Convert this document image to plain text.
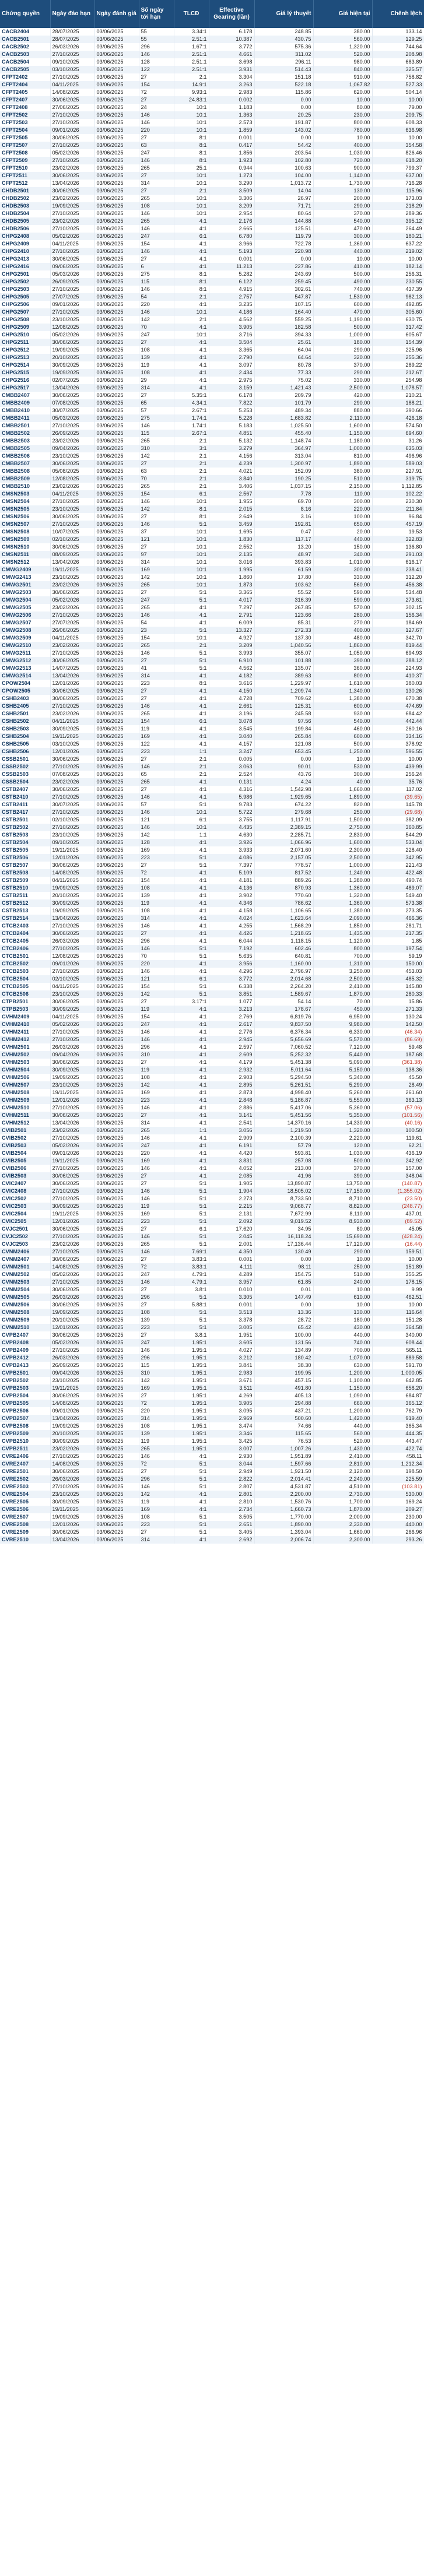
Chứng quyền	Ngày đáo hạn	Ngày đánh giá	Số ngày tới hạn	TLCĐ	Effective Gearing (lần)	Giá lý thuyết	Giá hiện tại	Chênh lệch
CACB2404	28/07/2025	03/06/2025	55	3.34:1	6.178	248.85	380.00	133.14
CACB2501	28/07/2025	03/06/2025	55	2.51:1	10.387	430.75	560.00	129.25
CACB2502	26/03/2026	03/06/2025	296	1.67:1	3.772	575.36	1,320.00	744.64
CACB2503	27/10/2025	03/06/2025	146	2.51:1	4.661	311.02	520.00	208.98
CACB2504	09/10/2025	03/06/2025	128	2.51:1	3.698	296.11	980.00	683.89
CACB2505	03/10/2025	03/06/2025	122	2.51:1	3.931	514.43	840.00	325.57
CFPT2402	27/10/2025	03/06/2025	27	2:1	3.304	151.18	910.00	758.82
CFPT2404	04/11/2025	03/06/2025	154	14.9:1	3.263	522.18	1,067.82	527.33
CFPT2405	14/08/2025	03/06/2025	72	9.93:1	2.983	115.86	620.00	504.14
CFPT2407	30/06/2025	03/06/2025	27	24.83:1	0.002	0.00	10.00	10.00
CFPT2408	27/06/2025	03/06/2025	24	10:1	1.183	0.00	80.00	79.00
CFPT2502	27/10/2025	03/06/2025	146	10:1	1.363	20.25	230.00	209.75
CFPT2503	27/10/2025	03/06/2025	146	10:1	2.573	191.87	800.00	608.33
CFPT2504	09/01/2026	03/06/2025	220	10:1	1.859	143.02	780.00	636.98
CFPT2505	30/06/2025	03/06/2025	27	8:1	0.001	0.00	10.00	10.00
CFPT2507	27/10/2025	03/06/2025	63	8:1	0.417	54.42	400.00	354.58
CFPT2508	05/02/2026	03/06/2025	247	8:1	1.856	203.54	1,030.00	826.46
CFPT2509	27/10/2025	03/06/2025	146	8:1	1.923	102.80	720.00	618.20
CFPT2510	23/02/2026	03/06/2025	265	25:1	0.944	100.63	900.00	799.37
CFPT2511	30/06/2025	03/06/2025	27	10:1	1.273	104.00	1,140.00	637.00
CFPT2512	13/04/2026	03/06/2025	314	10:1	3.290	1,013.72	1,730.00	716.28
CHDB2501	30/06/2025	03/06/2025	27	2:1	3.509	14.04	130.00	115.96
CHDB2502	23/02/2026	03/06/2025	265	10:1	3.306	26.97	200.00	173.03
CHDB2503	19/09/2025	03/06/2025	108	10:1	3.209	71.71	290.00	218.29
CHDB2504	27/10/2025	03/06/2025	146	10:1	2.954	80.64	370.00	289.36
CHDB2505	23/02/2026	03/06/2025	265	4:1	2.176	144.88	540.00	395.12
CHDB2506	27/10/2025	03/06/2025	146	4:1	2.665	125.51	470.00	264.49
CHPG2408	05/02/2026	03/06/2025	247	6:1	6.780	119.79	300.00	180.21
CHPG2409	04/11/2025	03/06/2025	154	4:1	3.966	722.78	1,360.00	637.22
CHPG2410	27/10/2025	03/06/2025	146	4:1	5.193	220.98	440.00	219.02
CHPG2413	30/06/2025	03/06/2025	27	4:1	0.001	0.00	10.00	10.00
CHPG2416	09/06/2025	03/06/2025	6	4:1	11.213	227.86	410.00	182.14
CHPG2501	05/03/2026	03/06/2025	275	8:1	5.282	243.69	500.00	256.31
CHPG2502	26/09/2025	03/06/2025	115	8:1	6.122	259.45	490.00	230.55
CHPG2503	27/10/2025	03/06/2025	146	8:1	4.915	302.61	740.00	437.39
CHPG2505	27/07/2025	03/06/2025	54	2:1	2.757	547.87	1,530.00	982.13
CHPG2506	09/01/2026	03/06/2025	220	4:1	3.235	107.15	600.00	492.85
CHPG2507	27/10/2025	03/06/2025	146	10:1	4.186	164.40	470.00	305.60
CHPG2508	23/10/2025	03/06/2025	142	2:1	4.562	559.25	1,190.00	630.75
CHPG2509	12/08/2025	03/06/2025	70	4:1	3.905	182.58	500.00	317.42
CHPG2510	05/02/2026	03/06/2025	247	10:1	3.716	394.33	1,000.00	605.67
CHPG2511	30/06/2025	03/06/2025	27	4:1	3.504	25.61	180.00	154.39
CHPG2512	19/09/2025	03/06/2025	108	4:1	3.365	64.04	290.00	225.96
CHPG2513	20/10/2025	03/06/2025	139	4:1	2.790	64.64	320.00	255.36
CHPG2514	30/09/2025	03/06/2025	119	4:1	3.097	80.78	370.00	289.22
CHPG2515	19/09/2025	03/06/2025	108	4:1	2.434	77.33	290.00	212.67
CHPG2516	02/07/2025	03/06/2025	29	4:1	2.975	75.02	330.00	254.98
CHPG2517	13/04/2026	03/06/2025	314	4:1	3.159	1,421.43	2,500.00	1,078.57
CMBB2407	30/06/2025	03/06/2025	27	5.35:1	6.178	209.79	420.00	210.21
CMBB2409	07/08/2025	03/06/2025	65	4.34:1	7.822	101.79	290.00	188.21
CMBB2410	30/07/2025	03/06/2025	57	2.67:1	5.253	489.34	880.00	390.66
CMBB2411	05/03/2026	03/06/2025	275	1.74:1	5.228	1,683.82	2,110.00	426.18
CMBB2501	27/10/2025	03/06/2025	146	1.74:1	5.183	1,025.50	1,600.00	574.50
CMBB2502	26/09/2025	03/06/2025	115	2.67:1	4.851	455.40	1,150.00	694.60
CMBB2503	23/02/2026	03/06/2025	265	2:1	5.132	1,148.74	1,180.00	31.26
CMBB2505	09/04/2026	03/06/2025	310	3:1	3.279	364.97	1,000.00	635.03
CMBB2506	23/10/2025	03/06/2025	142	2:1	4.156	313.04	810.00	496.96
CMBB2507	30/06/2025	03/06/2025	27	2:1	4.239	1,300.97	1,890.00	589.03
CMBB2508	05/08/2025	03/06/2025	63	2:1	4.021	152.09	380.00	227.91
CMBB2509	12/08/2025	03/06/2025	70	2:1	3.840	190.25	510.00	319.75
CMBB2510	23/02/2026	03/06/2025	265	2:1	3.406	1,037.15	2,150.00	1,112.85
CMSN2503	04/11/2025	03/06/2025	154	6:1	2.567	7.78	110.00	102.22
CMSN2504	27/10/2025	03/06/2025	146	10:1	1.955	69.70	300.00	230.30
CMSN2505	23/10/2025	03/06/2025	142	8:1	2.015	8.16	220.00	211.84
CMSN2506	30/06/2025	03/06/2025	27	8:1	2.649	3.16	100.00	96.84
CMSN2507	27/10/2025	03/06/2025	146	5:1	3.459	192.81	650.00	457.19
CMSN2508	10/07/2025	03/06/2025	37	10:1	1.695	0.47	20.00	19.53
CMSN2509	02/10/2025	03/06/2025	121	10:1	1.830	117.17	440.00	322.83
CMSN2510	30/06/2025	03/06/2025	27	10:1	2.552	13.20	150.00	136.80
CMSN2511	08/09/2025	03/06/2025	97	10:1	2.135	48.97	340.00	291.03
CMSN2512	13/04/2026	03/06/2025	314	10:1	3.016	393.83	1,010.00	616.17
CMWG2409	19/11/2025	03/06/2025	169	10:1	1.995	61.59	300.00	238.41
CMWG2413	23/10/2025	03/06/2025	142	10:1	1.860	17.80	330.00	312.20
CMWG2501	23/02/2026	03/06/2025	265	10:1	1.873	103.62	560.00	456.38
CMWG2503	30/06/2025	03/06/2025	27	5:1	3.365	55.52	590.00	534.48
CMWG2504	05/02/2026	03/06/2025	247	5:1	4.017	316.39	590.00	273.61
CMWG2505	23/02/2026	03/06/2025	265	4:1	7.297	267.85	570.00	302.15
CMWG2506	27/10/2025	03/06/2025	146	4:1	2.791	123.66	280.00	156.34
CMWG2507	27/07/2025	03/06/2025	54	4:1	6.009	85.31	270.00	184.69
CMWG2508	26/06/2025	03/06/2025	23	5:1	13.327	272.33	400.00	127.67
CMWG2509	04/11/2025	03/06/2025	154	10:1	4.927	137.30	480.00	342.70
CMWG2510	23/02/2026	03/06/2025	265	2:1	3.209	1,040.56	1,860.00	819.44
CMWG2511	27/10/2025	03/06/2025	146	5:1	3.993	355.07	1,050.00	694.93
CMWG2512	30/06/2025	03/06/2025	27	5:1	6.910	101.88	390.00	288.12
CMWG2513	14/07/2025	03/06/2025	41	5:1	4.562	135.07	360.00	224.93
CMWG2514	13/04/2026	03/06/2025	314	4:1	4.182	389.63	800.00	410.37
CPOW2504	12/01/2026	03/06/2025	223	8:1	3.616	1,229.97	1,610.00	380.03
CPOW2505	30/06/2025	03/06/2025	27	4:1	4.150	1,209.74	1,340.00	130.26
CSHB2403	30/06/2025	03/06/2025	27	4:1	4.728	709.62	1,380.00	670.38
CSHB2405	27/10/2025	03/06/2025	146	4:1	2.661	125.31	600.00	474.69
CSHB2501	23/02/2026	03/06/2025	265	4:1	3.196	245.58	930.00	684.42
CSHB2502	04/11/2025	03/06/2025	154	6:1	3.078	97.56	540.00	442.44
CSHB2503	30/09/2025	03/06/2025	119	4:1	3.545	199.84	460.00	260.16
CSHB2504	19/11/2025	03/06/2025	169	4:1	3.040	265.84	600.00	334.16
CSHB2505	03/10/2025	03/06/2025	122	4:1	4.157	121.08	500.00	378.92
CSHB2506	12/01/2026	03/06/2025	223	1:1	3.247	653.45	1,250.00	596.55
CSSB2501	30/06/2025	03/06/2025	27	2:1	0.005	0.00	10.00	10.00
CSSB2502	27/10/2025	03/06/2025	146	2:1	3.063	90.01	530.00	439.99
CSSB2503	07/08/2025	03/06/2025	65	2:1	2.524	43.76	300.00	256.24
CSSB2504	23/02/2026	03/06/2025	265	4:1	0.131	4.24	40.00	35.76
CSTB2407	30/06/2025	03/06/2025	27	4:1	4.316	1,542.98	1,660.00	117.02
CSTB2410	27/10/2025	03/06/2025	146	4:1	5.986	1,929.65	1,890.00	(39.65)
CSTB2411	30/07/2025	03/06/2025	57	5:1	9.783	674.22	820.00	145.78
CSTB2417	27/10/2025	03/06/2025	146	10:1	5.722	279.68	250.00	(29.68)
CSTB2501	02/10/2025	03/06/2025	121	6:1	3.755	1,117.91	1,500.00	382.09
CSTB2502	27/10/2025	03/06/2025	146	10:1	4.435	2,389.15	2,750.00	360.85
CSTB2503	23/10/2025	03/06/2025	142	1:1	4.630	2,285.71	2,830.00	544.29
CSTB2504	09/10/2025	03/06/2025	128	4:1	3.926	1,066.96	1,600.00	533.04
CSTB2505	19/11/2025	03/06/2025	169	4:1	3.933	2,071.60	2,300.00	228.40
CSTB2506	12/01/2026	03/06/2025	223	5:1	4.086	2,157.05	2,500.00	342.95
CSTB2507	30/06/2025	03/06/2025	27	5:1	7.397	778.57	1,000.00	221.43
CSTB2508	14/08/2025	03/06/2025	72	4:1	5.109	817.52	1,240.00	422.48
CSTB2509	04/11/2025	03/06/2025	154	4:1	4.181	889.26	1,380.00	490.74
CSTB2510	19/09/2025	03/06/2025	108	4:1	4.136	870.93	1,360.00	489.07
CSTB2511	20/10/2025	03/06/2025	139	4:1	3.902	770.60	1,320.00	549.40
CSTB2512	30/09/2025	03/06/2025	119	4:1	4.346	786.62	1,360.00	573.38
CSTB2513	19/09/2025	03/06/2025	108	4:1	4.158	1,106.65	1,380.00	273.35
CSTB2514	13/04/2026	03/06/2025	314	4:1	4.024	1,623.64	2,090.00	466.36
CTCB2403	27/10/2025	03/06/2025	146	4:1	4.255	1,568.29	1,850.00	281.71
CTCB2404	30/06/2025	03/06/2025	27	4:1	4.426	1,218.65	1,435.00	217.35
CTCB2405	26/03/2026	03/06/2025	296	4:1	6.044	1,118.15	1,120.00	1.85
CTCB2406	27/10/2025	03/06/2025	146	5:1	7.192	602.46	800.00	197.54
CTCB2501	12/08/2025	03/06/2025	70	5:1	5.635	640.81	700.00	59.19
CTCB2502	09/01/2026	03/06/2025	220	4:1	3.956	1,160.00	1,310.00	150.00
CTCB2503	27/10/2025	03/06/2025	146	4:1	4.296	2,796.97	3,250.00	453.03
CTCB2504	02/10/2025	03/06/2025	121	6:1	3.772	2,014.68	2,500.00	485.32
CTCB2505	04/11/2025	03/06/2025	154	5:1	6.338	2,264.20	2,410.00	145.80
CTCB2506	23/10/2025	03/06/2025	142	5:1	3.851	1,589.67	1,870.00	280.33
CTPB2501	30/06/2025	03/06/2025	27	3.17:1	1.077	54.14	70.00	15.86
CTPB2503	30/09/2025	03/06/2025	119	4:1	3.213	178.67	450.00	271.33
CVHM2409	04/11/2025	03/06/2025	154	4:1	2.769	6,819.76	6,950.00	130.24
CVHM2410	05/02/2026	03/06/2025	247	4:1	2.617	9,837.50	9,980.00	142.50
CVHM2411	27/10/2025	03/06/2025	146	4:1	2.776	6,376.34	6,330.00	(46.34)
CVHM2412	27/10/2025	03/06/2025	146	4:1	2.945	5,656.69	5,570.00	(86.69)
CVHM2501	26/03/2026	03/06/2025	296	4:1	2.597	7,060.52	7,120.00	59.48
CVHM2502	09/04/2026	03/06/2025	310	4:1	2.609	5,252.32	5,440.00	187.68
CVHM2503	30/06/2025	03/06/2025	27	4:1	4.179	5,451.38	5,090.00	(361.38)
CVHM2504	30/09/2025	03/06/2025	119	4:1	2.932	5,011.64	5,150.00	138.36
CVHM2506	19/09/2025	03/06/2025	108	4:1	2.903	5,294.50	5,340.00	45.50
CVHM2507	23/10/2025	03/06/2025	142	4:1	2.895	5,261.51	5,290.00	28.49
CVHM2508	19/11/2025	03/06/2025	169	4:1	2.873	4,998.40	5,260.00	261.60
CVHM2509	12/01/2026	03/06/2025	223	4:1	2.848	5,186.87	5,550.00	363.13
CVHM2510	27/10/2025	03/06/2025	146	4:1	2.886	5,417.06	5,360.00	(57.06)
CVHM2511	30/06/2025	03/06/2025	27	4:1	3.141	5,451.56	5,350.00	(101.56)
CVHM2512	13/04/2026	03/06/2025	314	4:1	2.541	14,370.16	14,330.00	(40.16)
CVIB2501	23/02/2026	03/06/2025	265	1:1	3.056	1,219.50	1,320.00	100.50
CVIB2502	27/10/2025	03/06/2025	146	4:1	2.909	2,100.39	2,220.00	119.61
CVIB2503	05/02/2026	03/06/2025	247	4:1	6.191	57.79	120.00	62.21
CVIB2504	09/01/2026	03/06/2025	220	4:1	4.420	593.81	1,030.00	436.19
CVIB2505	19/11/2025	03/06/2025	169	4:1	3.831	257.08	500.00	242.92
CVIB2506	27/10/2025	03/06/2025	146	4:1	4.052	213.00	370.00	157.00
CVIB2503	30/06/2025	03/06/2025	27	4:1	2.085	41.96	390.00	348.04
CVIC2407	30/06/2025	03/06/2025	27	5:1	1.905	13,890.87	13,750.00	(140.87)
CVIC2408	27/10/2025	03/06/2025	146	5:1	1.904	18,505.02	17,150.00	(1,355.02)
CVIC2502	27/10/2025	03/06/2025	146	5:1	2.273	8,733.50	8,710.00	(23.50)
CVIC2503	30/09/2025	03/06/2025	119	5:1	2.215	9,068.77	8,820.00	(248.77)
CVIC2504	19/11/2025	03/06/2025	169	5:1	2.131	7,672.99	8,110.00	437.01
CVIC2505	12/01/2026	03/06/2025	223	5:1	2.092	9,019.52	8,930.00	(89.52)
CVJC2501	30/06/2025	03/06/2025	27	6:1	17.620	34.95	80.00	45.05
CVJC2502	27/10/2025	03/06/2025	146	5:1	2.045	16,118.24	15,690.00	(428.24)
CVJC2503	23/02/2026	03/06/2025	265	5:1	2.001	17,136.44	17,120.00	(16.44)
CVNM2406	27/10/2025	03/06/2025	146	7.69:1	4.350	130.49	290.00	159.51
CVNM2407	30/06/2025	03/06/2025	27	3.83:1	0.001	0.00	10.00	10.00
CVNM2501	14/08/2025	03/06/2025	72	3.83:1	4.111	98.11	250.00	151.89
CVNM2502	05/02/2026	03/06/2025	247	4.79:1	4.289	154.75	510.00	355.25
CVNM2503	27/10/2025	03/06/2025	146	4.79:1	3.957	61.85	240.00	178.15
CVNM2504	30/06/2025	03/06/2025	27	3.8:1	0.010	0.01	10.00	9.99
CVNM2505	26/03/2026	03/06/2025	296	5:1	3.305	147.49	610.00	462.51
CVNM2506	30/06/2025	03/06/2025	27	5.88:1	0.001	0.00	10.00	10.00
CVNM2508	19/09/2025	03/06/2025	108	5:1	3.513	13.36	130.00	116.64
CVNM2509	20/10/2025	03/06/2025	139	5:1	3.378	28.72	180.00	151.28
CVNM2510	12/01/2026	03/06/2025	223	5:1	3.005	65.42	430.00	364.58
CVPB2407	30/06/2025	03/06/2025	27	3.8:1	1.951	100.00	440.00	340.00
CVPB2408	05/02/2026	03/06/2025	247	1.95:1	3.605	131.56	740.00	608.44
CVPB2409	27/10/2025	03/06/2025	146	1.95:1	4.027	134.89	700.00	565.11
CVPB2412	26/03/2026	03/06/2025	296	1.95:1	3.212	180.42	1,070.00	889.58
CVPB2413	26/09/2025	03/06/2025	115	1.95:1	3.841	38.30	630.00	591.70
CVPB2501	09/04/2026	03/06/2025	310	1.95:1	2.983	199.95	1,200.00	1,000.05
CVPB2502	23/10/2025	03/06/2025	142	1.95:1	3.671	457.15	1,100.00	642.85
CVPB2503	19/11/2025	03/06/2025	169	1.95:1	3.511	491.80	1,150.00	658.20
CVPB2504	30/06/2025	03/06/2025	27	1.95:1	4.269	405.13	1,090.00	684.87
CVPB2505	14/08/2025	03/06/2025	72	1.95:1	3.905	294.88	660.00	365.12
CVPB2506	09/01/2026	03/06/2025	220	1.95:1	3.095	437.21	1,200.00	762.79
CVPB2507	13/04/2026	03/06/2025	314	1.95:1	2.969	500.60	1,420.00	919.40
CVPB2508	19/09/2025	03/06/2025	108	1.95:1	3.474	74.66	440.00	365.34
CVPB2509	20/10/2025	03/06/2025	139	1.95:1	3.346	115.65	560.00	444.35
CVPB2510	30/09/2025	03/06/2025	119	1.95:1	3.425	76.53	520.00	443.47
CVPB2511	23/02/2026	03/06/2025	265	1.95:1	3.007	1,007.26	1,430.00	422.74
CVRE2406	27/10/2025	03/06/2025	146	4:1	2.930	1,951.89	2,410.00	458.11
CVRE2407	14/08/2025	03/06/2025	72	5:1	3.044	1,597.66	2,810.00	1,212.34
CVRE2501	30/06/2025	03/06/2025	27	5:1	2.949	1,921.50	2,120.00	198.50
CVRE2502	26/03/2026	03/06/2025	296	5:1	2.822	2,014.41	2,240.00	225.59
CVRE2503	27/10/2025	03/06/2025	146	5:1	2.807	4,531.87	4,510.00	(103.81)
CVRE2504	23/10/2025	03/06/2025	142	4:1	2.801	2,200.00	2,730.00	530.00
CVRE2505	30/09/2025	03/06/2025	119	4:1	2.810	1,530.76	1,700.00	169.24
CVRE2506	19/11/2025	03/06/2025	169	4:1	2.734	1,660.73	1,870.00	209.27
CVRE2507	19/09/2025	03/06/2025	108	5:1	3.505	1,770.00	2,000.00	230.00
CVRE2508	12/01/2026	03/06/2025	223	5:1	2.651	1,890.00	2,330.00	440.00
CVRE2509	30/06/2025	03/06/2025	27	5:1	3.405	1,393.04	1,660.00	266.96
CVRE2510	13/04/2026	03/06/2025	314	4:1	2.692	2,006.74	2,300.00	293.26
